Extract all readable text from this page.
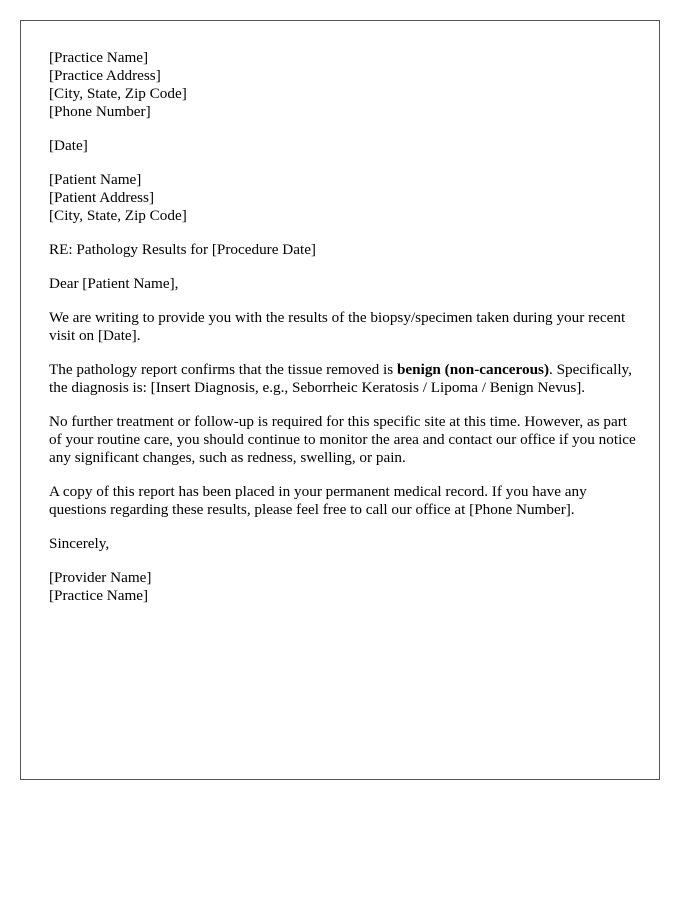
[Practice Name]
[Practice Address]
[City, State, Zip Code]
[Phone Number]
[Date]
[Patient Name]
[Patient Address]
[City, State, Zip Code]

RE: Pathology Results for [Procedure Date]

Dear [Patient Name],

We are writing to provide you with the results of the biopsy/specimen taken during your recent visit on [Date].

The pathology report confirms that the tissue removed is benign (non-cancerous). Specifically, the diagnosis is: [Insert Diagnosis, e.g., Seborrheic Keratosis / Lipoma / Benign Nevus].

No further treatment or follow-up is required for this specific site at this time. However, as part of your routine care, you should continue to monitor the area and contact our office if you notice any significant changes, such as redness, swelling, or pain.

A copy of this report has been placed in your permanent medical record. If you have any questions regarding these results, please feel free to call our office at [Phone Number].

Sincerely,

[Provider Name]
[Practice Name]
